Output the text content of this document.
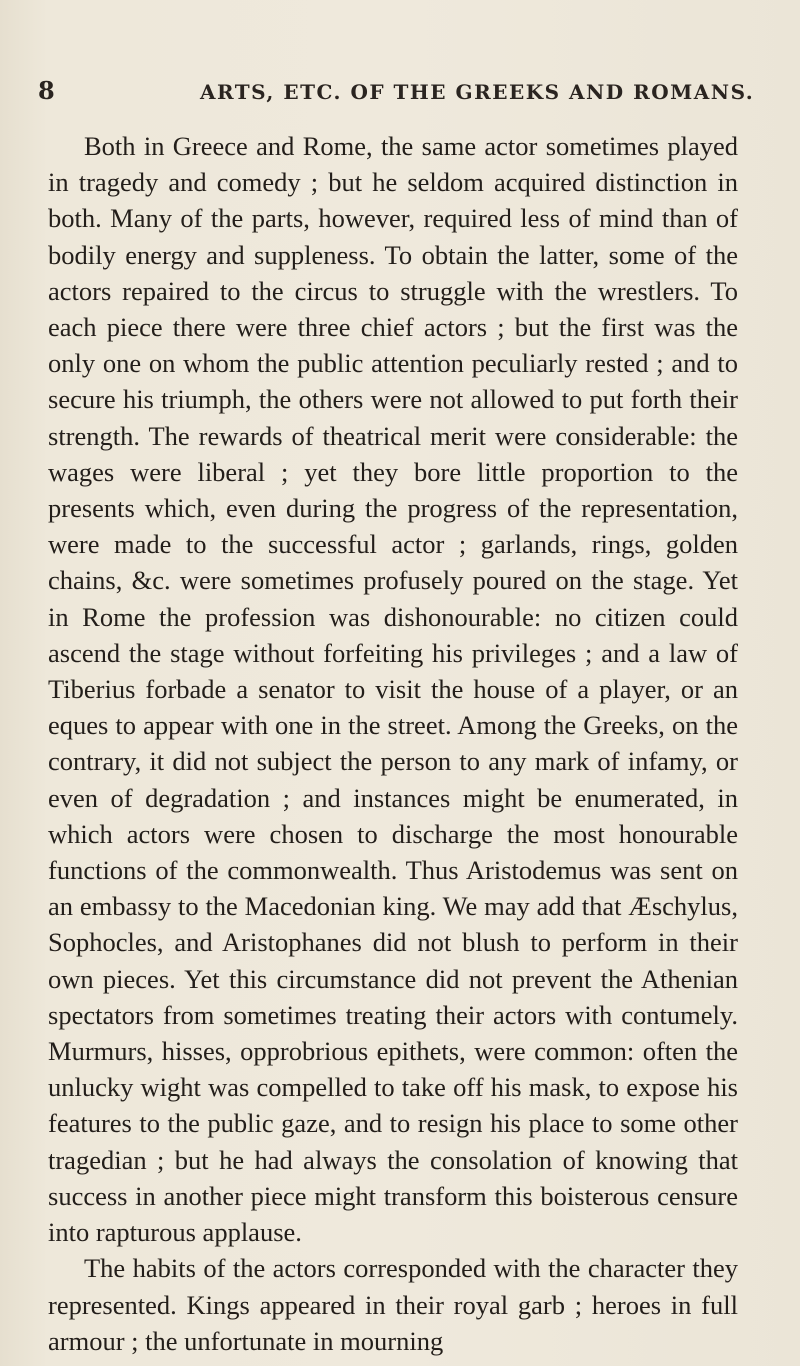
8	ARTS, ETC. OF THE GREEKS AND ROMANS.

Both in Greece and Rome, the same actor sometimes played in tragedy and comedy ; but he seldom acquired distinction in both. Many of the parts, however, required less of mind than of bodily energy and suppleness. To obtain the latter, some of the actors repaired to the circus to struggle with the wrestlers. To each piece there were three chief actors ; but the first was the only one on whom the public attention peculiarly rested ; and to secure his triumph, the others were not allowed to put forth their strength. The rewards of theatrical merit were considerable: the wages were liberal ; yet they bore little proportion to the presents which, even during the progress of the representation, were made to the successful actor ; garlands, rings, golden chains, &c. were sometimes profusely poured on the stage. Yet in Rome the profession was dishonourable: no citizen could ascend the stage without forfeiting his privileges ; and a law of Tiberius forbade a senator to visit the house of a player, or an eques to appear with one in the street. Among the Greeks, on the contrary, it did not subject the person to any mark of infamy, or even of degradation ; and instances might be enumerated, in which actors were chosen to discharge the most honourable functions of the commonwealth. Thus Aristodemus was sent on an embassy to the Macedonian king. We may add that Æschylus, Sophocles, and Aristophanes did not blush to perform in their own pieces. Yet this circumstance did not prevent the Athenian spectators from sometimes treating their actors with contumely. Murmurs, hisses, opprobrious epithets, were common: often the unlucky wight was compelled to take off his mask, to expose his features to the public gaze, and to resign his place to some other tragedian ; but he had always the consolation of knowing that success in another piece might transform this boisterous censure into rapturous applause.

The habits of the actors corresponded with the character they represented. Kings appeared in their royal garb ; heroes in full armour ; the unfortunate in mourning
